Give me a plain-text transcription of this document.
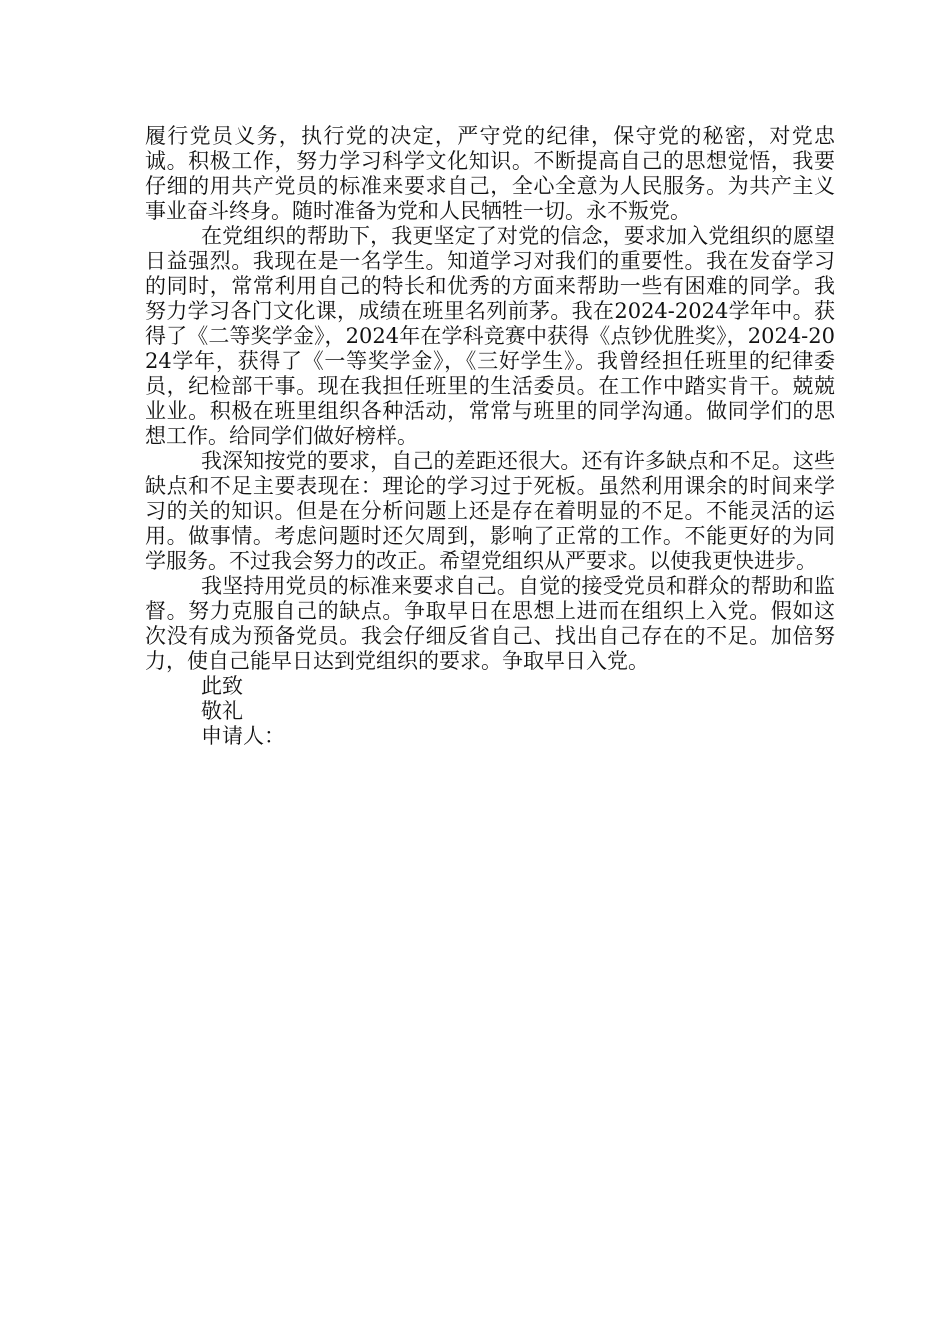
履行党员义务，执行党的决定，严守党的纪律，保守党的秘密，对党忠诚。积极工作，努力学习科学文化知识。不断提高自己的思想觉悟，我要仔细的用共产党员的标准来要求自己，全心全意为人民服务。为共产主义事业奋斗终身。随时准备为党和人民牺牲一切。永不叛党。

在党组织的帮助下，我更坚定了对党的信念，要求加入党组织的愿望日益强烈。我现在是一名学生。知道学习对我们的重要性。我在发奋学习的同时，常常利用自己的特长和优秀的方面来帮助一些有困难的同学。我努力学习各门文化课，成绩在班里名列前茅。我在2024-2024学年中。获得了《二等奖学金》，2024年在学科竞赛中获得《点钞优胜奖》，2024-2024学年，获得了《一等奖学金》，《三好学生》。我曾经担任班里的纪律委员，纪检部干事。现在我担任班里的生活委员。在工作中踏实肯干。兢兢业业。积极在班里组织各种活动，常常与班里的同学沟通。做同学们的思想工作。给同学们做好榜样。

我深知按党的要求，自己的差距还很大。还有许多缺点和不足。这些缺点和不足主要表现在：理论的学习过于死板。虽然利用课余的时间来学习的关的知识。但是在分析问题上还是存在着明显的不足。不能灵活的运用。做事情。考虑问题时还欠周到，影响了正常的工作。不能更好的为同学服务。不过我会努力的改正。希望党组织从严要求。以使我更快进步。

我坚持用党员的标准来要求自己。自觉的接受党员和群众的帮助和监督。努力克服自己的缺点。争取早日在思想上进而在组织上入党。假如这次没有成为预备党员。我会仔细反省自己、找出自己存在的不足。加倍努力，使自己能早日达到党组织的要求。争取早日入党。

此致

敬礼

申请人：
